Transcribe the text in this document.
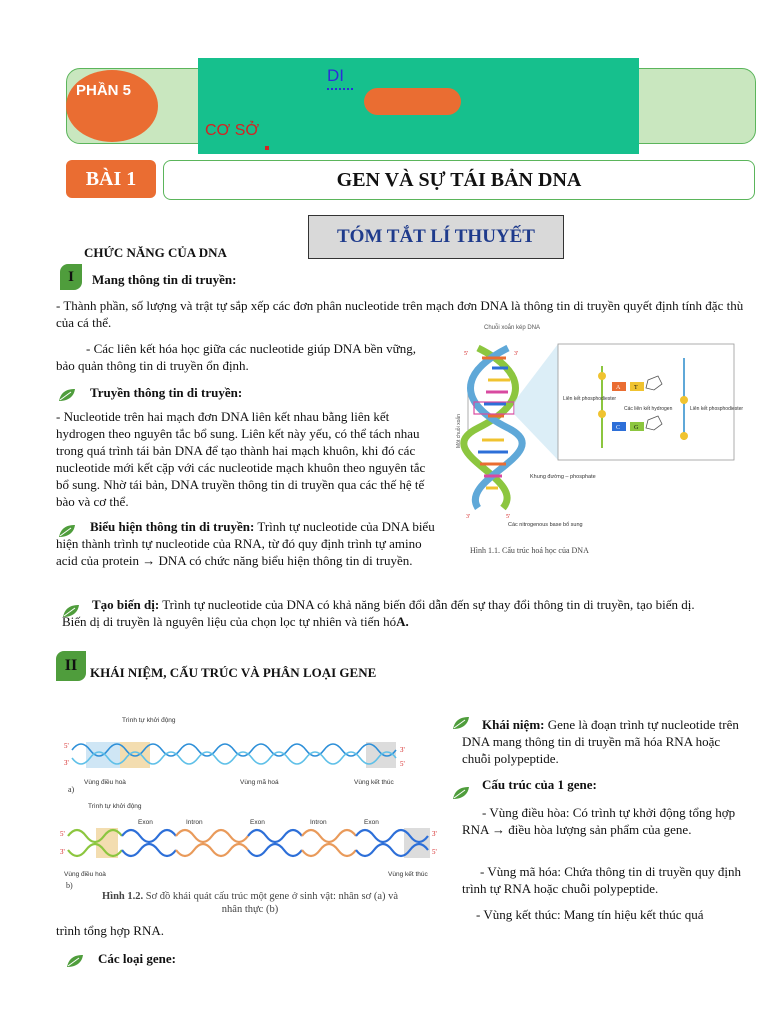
PHẦN 5
DI
CƠ SỞ
BÀI 1	GEN VÀ SỰ TÁI BẢN DNA
TÓM TẮT LÍ THUYẾT
CHỨC NĂNG CỦA DNA
I	Mang thông tin di truyền:
- Thành phần, số lượng và trật tự sắp xếp các đơn phân nucleotide trên mạch đơn DNA là thông tin di truyền quyết định tính đặc thù của cá thể.
- Các liên kết hóa học giữa các nucleotide giúp DNA bền vững, bảo quản thông tin di truyền ổn định.
Truyền thông tin di truyền:
- Nucleotide trên hai mạch đơn DNA liên kết nhau bằng liên kết hydrogen theo nguyên tắc bổ sung. Liên kết này yếu, có thể tách nhau trong quá trình tái bản DNA để tạo thành hai mạch khuôn, khi đó các nucleotide mới kết cặp với các nucleotide mạch khuôn theo nguyên tắc bổ sung. Nhờ tái bản, DNA truyền thông tin di truyền qua các thế hệ tế bào và cơ thể.
Biểu hiện thông tin di truyền: Trình tự nucleotide của DNA biểu hiện thành trình tự nucleotide của RNA, từ đó quy định trình tự amino acid của protein → DNA có chức năng biểu hiện thông tin di truyền.
Tạo biến dị: Trình tự nucleotide của DNA có khả năng biến đổi dẫn đến sự thay đổi thông tin di truyền, tạo biến dị. Biến dị di truyền là nguyên liệu của chọn lọc tự nhiên và tiến hóA.
Chuỗi xoắn kép DNA
Một chuỗi xoắn
5'	3'
3'	5'
A T
C G
Liên kết phosphodiester
Các liên kết hydrogen	Liên kết phosphodiester
Khung đường – phosphate
Các nitrogenous base bổ sung
Hình 1.1. Cấu trúc hoá học của DNA
II KHÁI NIỆM, CẤU TRÚC VÀ PHÂN LOẠI GENE
Khái niệm: Gene là đoạn trình tự nucleotide trên DNA mang thông tin di truyền mã hóa RNA hoặc chuỗi polypeptide.
Cấu trúc của 1 gene:
- Vùng điều hòa: Có trình tự khởi động tổng hợp RNA → điều hòa lượng sản phẩm của gene.
- Vùng mã hóa: Chứa thông tin di truyền quy định trình tự RNA hoặc chuỗi polypeptide.
- Vùng kết thúc: Mang tín hiệu kết thúc quá
trình tổng hợp RNA.
Các loại gene:
Trình tự khởi động
5'
3'
3'
5'
Vùng điều hoà	Vùng mã hoá	Vùng kết thúc
a)
Trình tự khởi động
Exon	Intron	Exon	Intron	Exon
5'
3'
3'
5'
Vùng điều hoà	Vùng kết thúc
b)
Hình 1.2. Sơ đồ khái quát cấu trúc một gene ở sinh vật: nhân sơ (a) và nhân thực (b)
